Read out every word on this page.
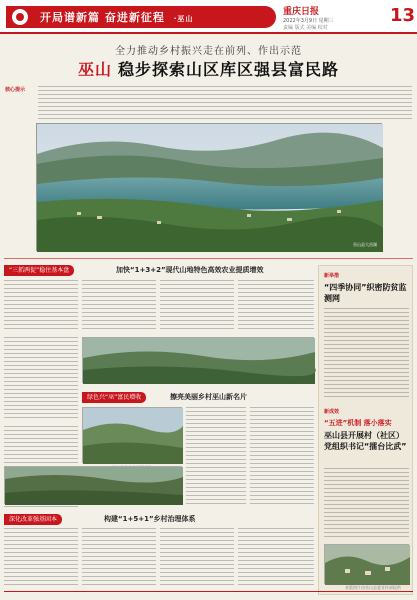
开局谱新篇 奋进新征程 ·巫山
重庆日报
2022年3月9日 星期三
责编 版式 美编 校对
13
全力推动乡村振兴走在前列、作出示范
巫山 稳步探索山区库区强县富民路
核心提示
巫山县大昌湖
“三抓两促”稳住基本盘	加快“1+3+2”现代山地特色高效农业提质增效
绿色兴“巫”富民增收	擦亮美丽乡村巫山新名片
深化改革强基固本	构建“1+5+1”乡村治理体系
新举措
“四季协同”织密防贫监测网
新成效
“五进”机制 落小落实
巫山县开展村（社区）党组织书记“擂台比武”
本版图片由巫山县委宣传部提供
